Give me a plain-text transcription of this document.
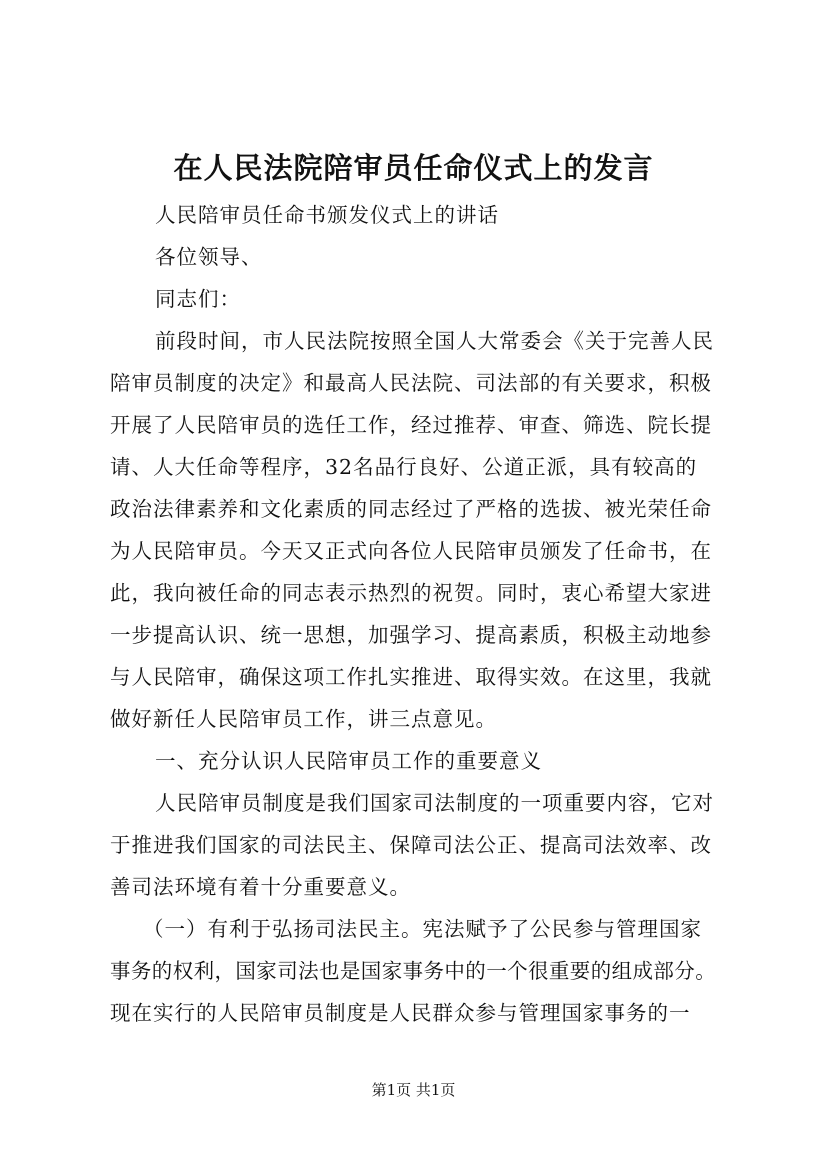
在人民法院陪审员任命仪式上的发言
人民陪审员任命书颁发仪式上的讲话
各位领导、
同志们：
前段时间，市人民法院按照全国人大常委会《关于完善人民
陪审员制度的决定》和最高人民法院、司法部的有关要求，积极
开展了人民陪审员的选任工作，经过推荐、审查、筛选、院长提
请、人大任命等程序，32名品行良好、公道正派，具有较高的
政治法律素养和文化素质的同志经过了严格的选拔、被光荣任命
为人民陪审员。今天又正式向各位人民陪审员颁发了任命书，在
此，我向被任命的同志表示热烈的祝贺。同时，衷心希望大家进
一步提高认识、统一思想，加强学习、提高素质，积极主动地参
与人民陪审，确保这项工作扎实推进、取得实效。在这里，我就
做好新任人民陪审员工作，讲三点意见。
一、充分认识人民陪审员工作的重要意义
人民陪审员制度是我们国家司法制度的一项重要内容，它对
于推进我们国家的司法民主、保障司法公正、提高司法效率、改
善司法环境有着十分重要意义。
（一）有利于弘扬司法民主。宪法赋予了公民参与管理国家
事务的权利，国家司法也是国家事务中的一个很重要的组成部分。
现在实行的人民陪审员制度是人民群众参与管理国家事务的一
第1页 共1页
